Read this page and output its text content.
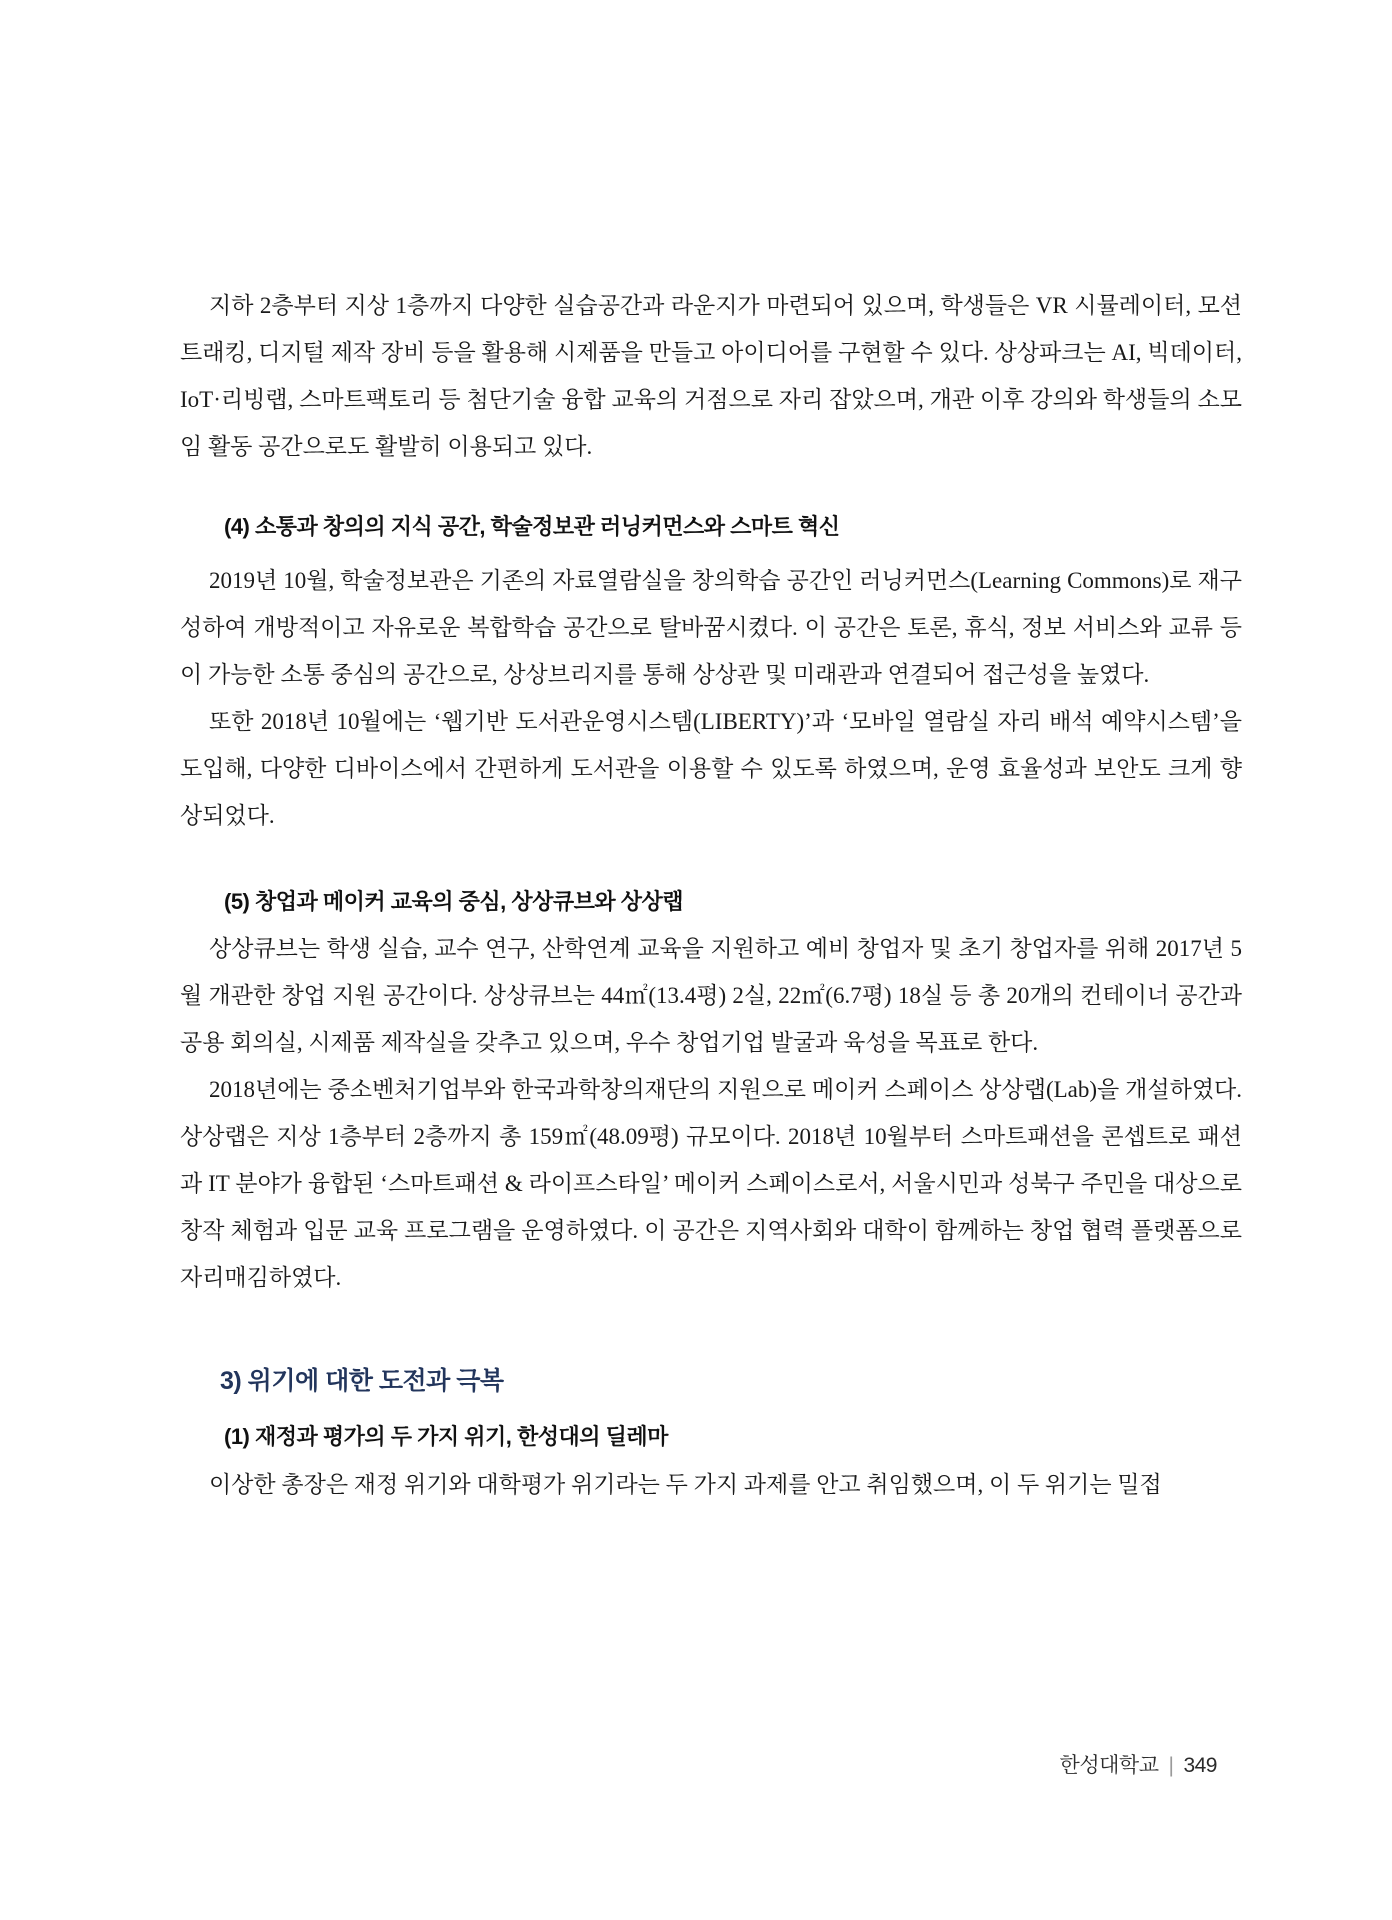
지하 2층부터 지상 1층까지 다양한 실습공간과 라운지가 마련되어 있으며, 학생들은 VR 시뮬레이터, 모션 트래킹, 디지털 제작 장비 등을 활용해 시제품을 만들고 아이디어를 구현할 수 있다. 상상파크는 AI, 빅데이터, IoT·리빙랩, 스마트팩토리 등 첨단기술 융합 교육의 거점으로 자리 잡았으며, 개관 이후 강의와 학생들의 소모임 활동 공간으로도 활발히 이용되고 있다.

(4) 소통과 창의의 지식 공간, 학술정보관 러닝커먼스와 스마트 혁신

2019년 10월, 학술정보관은 기존의 자료열람실을 창의학습 공간인 러닝커먼스(Learning Commons)로 재구성하여 개방적이고 자유로운 복합학습 공간으로 탈바꿈시켰다. 이 공간은 토론, 휴식, 정보 서비스와 교류 등이 가능한 소통 중심의 공간으로, 상상브리지를 통해 상상관 및 미래관과 연결되어 접근성을 높였다.

또한 2018년 10월에는 ‘웹기반 도서관운영시스템(LIBERTY)’과 ‘모바일 열람실 자리 배석 예약시스템’을 도입해, 다양한 디바이스에서 간편하게 도서관을 이용할 수 있도록 하였으며, 운영 효율성과 보안도 크게 향상되었다.

(5) 창업과 메이커 교육의 중심, 상상큐브와 상상랩

상상큐브는 학생 실습, 교수 연구, 산학연계 교육을 지원하고 예비 창업자 및 초기 창업자를 위해 2017년 5월 개관한 창업 지원 공간이다. 상상큐브는 44㎡(13.4평) 2실, 22㎡(6.7평) 18실 등 총 20개의 컨테이너 공간과 공용 회의실, 시제품 제작실을 갖추고 있으며, 우수 창업기업 발굴과 육성을 목표로 한다.

2018년에는 중소벤처기업부와 한국과학창의재단의 지원으로 메이커 스페이스 상상랩(Lab)을 개설하였다. 상상랩은 지상 1층부터 2층까지 총 159㎡(48.09평) 규모이다. 2018년 10월부터 스마트패션을 콘셉트로 패션과 IT 분야가 융합된 ‘스마트패션 & 라이프스타일’ 메이커 스페이스로서, 서울시민과 성북구 주민을 대상으로 창작 체험과 입문 교육 프로그램을 운영하였다. 이 공간은 지역사회와 대학이 함께하는 창업 협력 플랫폼으로 자리매김하였다.

3) 위기에 대한 도전과 극복
(1) 재정과 평가의 두 가지 위기, 한성대의 딜레마

이상한 총장은 재정 위기와 대학평가 위기라는 두 가지 과제를 안고 취임했으며, 이 두 위기는 밀접

한성대학교 | 349
